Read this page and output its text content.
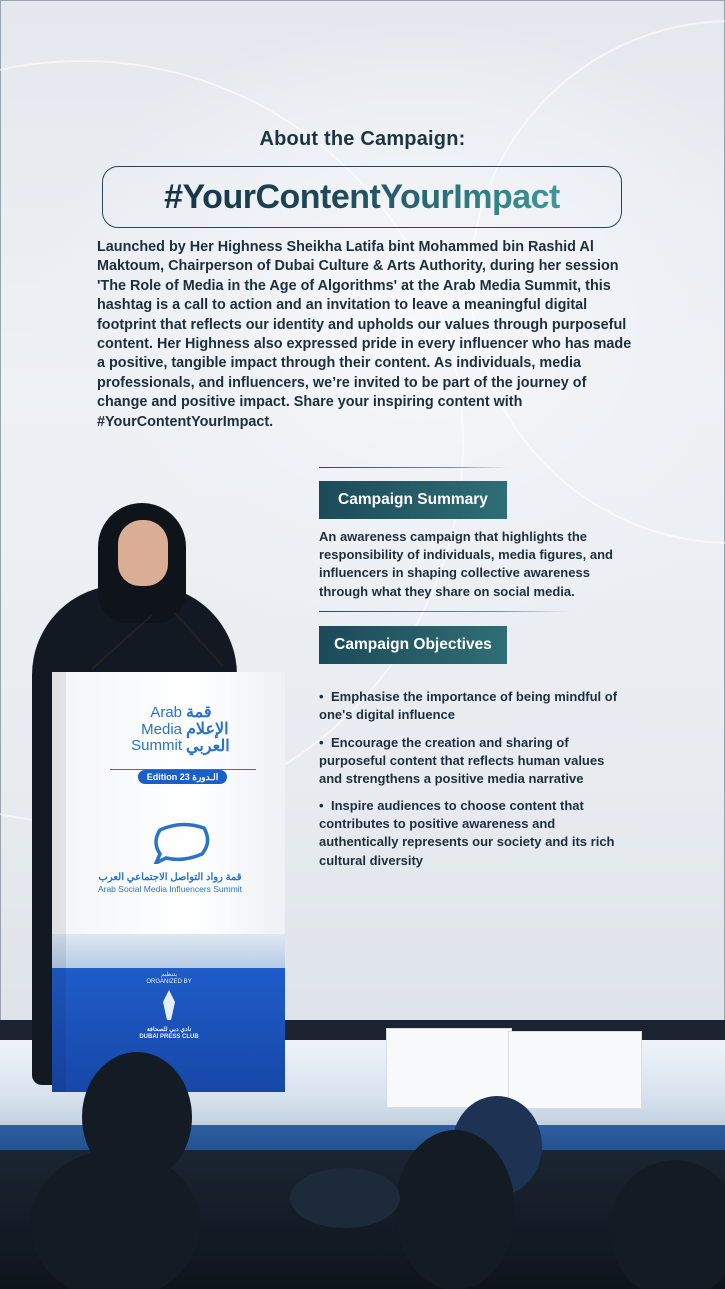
About the Campaign:
#YourContentYourImpact
Launched by Her Highness Sheikha Latifa bint Mohammed bin Rashid Al Maktoum, Chairperson of Dubai Culture & Arts Authority, during her session 'The Role of Media in the Age of Algorithms' at the Arab Media Summit, this hashtag is a call to action and an invitation to leave a meaningful digital footprint that reflects our identity and upholds our values through purposeful content. Her Highness also expressed pride in every influencer who has made a positive, tangible impact through their content. As individuals, media professionals, and influencers, we’re invited to be part of the journey of change and positive impact. Share your inspiring content with #YourContentYourImpact.
Campaign Summary
An awareness campaign that highlights the responsibility of individuals, media figures, and influencers in shaping collective awareness through what they share on social media.
Campaign Objectives
• Emphasise the importance of being mindful of one's digital influence
• Encourage the creation and sharing of purposeful content that reflects human values and strengthens a positive media narrative
• Inspire audiences to choose content that contributes to positive awareness and authentically represents our society and its rich cultural diversity
Arab
Media
Summit
قمة
الإعلام
العربي
Edition 23 الـدورة
قمة رواد التواصل الاجتماعي العرب
Arab Social Media Influencers Summit
بتنظيم
ORGANIZED BY
نادي دبي للصحافة
DUBAI PRESS CLUB
